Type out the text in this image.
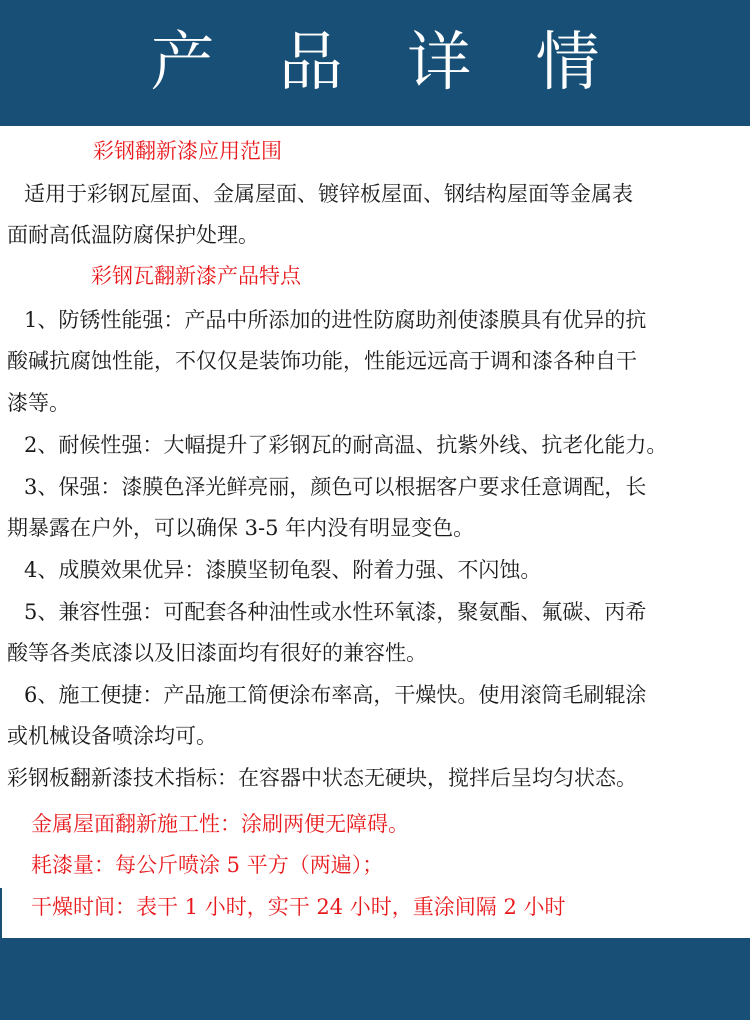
产 品 详 情
彩钢翻新漆应用范围
适用于彩钢瓦屋面、金属屋面、镀锌板屋面、钢结构屋面等金属表
面耐高低温防腐保护处理。
彩钢瓦翻新漆产品特点
1、防锈性能强：产品中所添加的进性防腐助剂使漆膜具有优异的抗
酸碱抗腐蚀性能，不仅仅是装饰功能，性能远远高于调和漆各种自干
漆等。
2、耐候性强：大幅提升了彩钢瓦的耐高温、抗紫外线、抗老化能力。
3、保强：漆膜色泽光鲜亮丽，颜色可以根据客户要求任意调配，长
期暴露在户外，可以确保 3-5 年内没有明显变色。
4、成膜效果优异：漆膜坚韧龟裂、附着力强、不闪蚀。
5、兼容性强：可配套各种油性或水性环氧漆，聚氨酯、氟碳、丙希
酸等各类底漆以及旧漆面均有很好的兼容性。
6、施工便捷：产品施工简便涂布率高，干燥快。使用滚筒毛刷辊涂
或机械设备喷涂均可。
彩钢板翻新漆技术指标：在容器中状态无硬块，搅拌后呈均匀状态。
金属屋面翻新施工性：涂刷两便无障碍。
耗漆量：每公斤喷涂 5 平方（两遍）；
干燥时间：表干 1 小时，实干 24 小时，重涂间隔 2 小时
